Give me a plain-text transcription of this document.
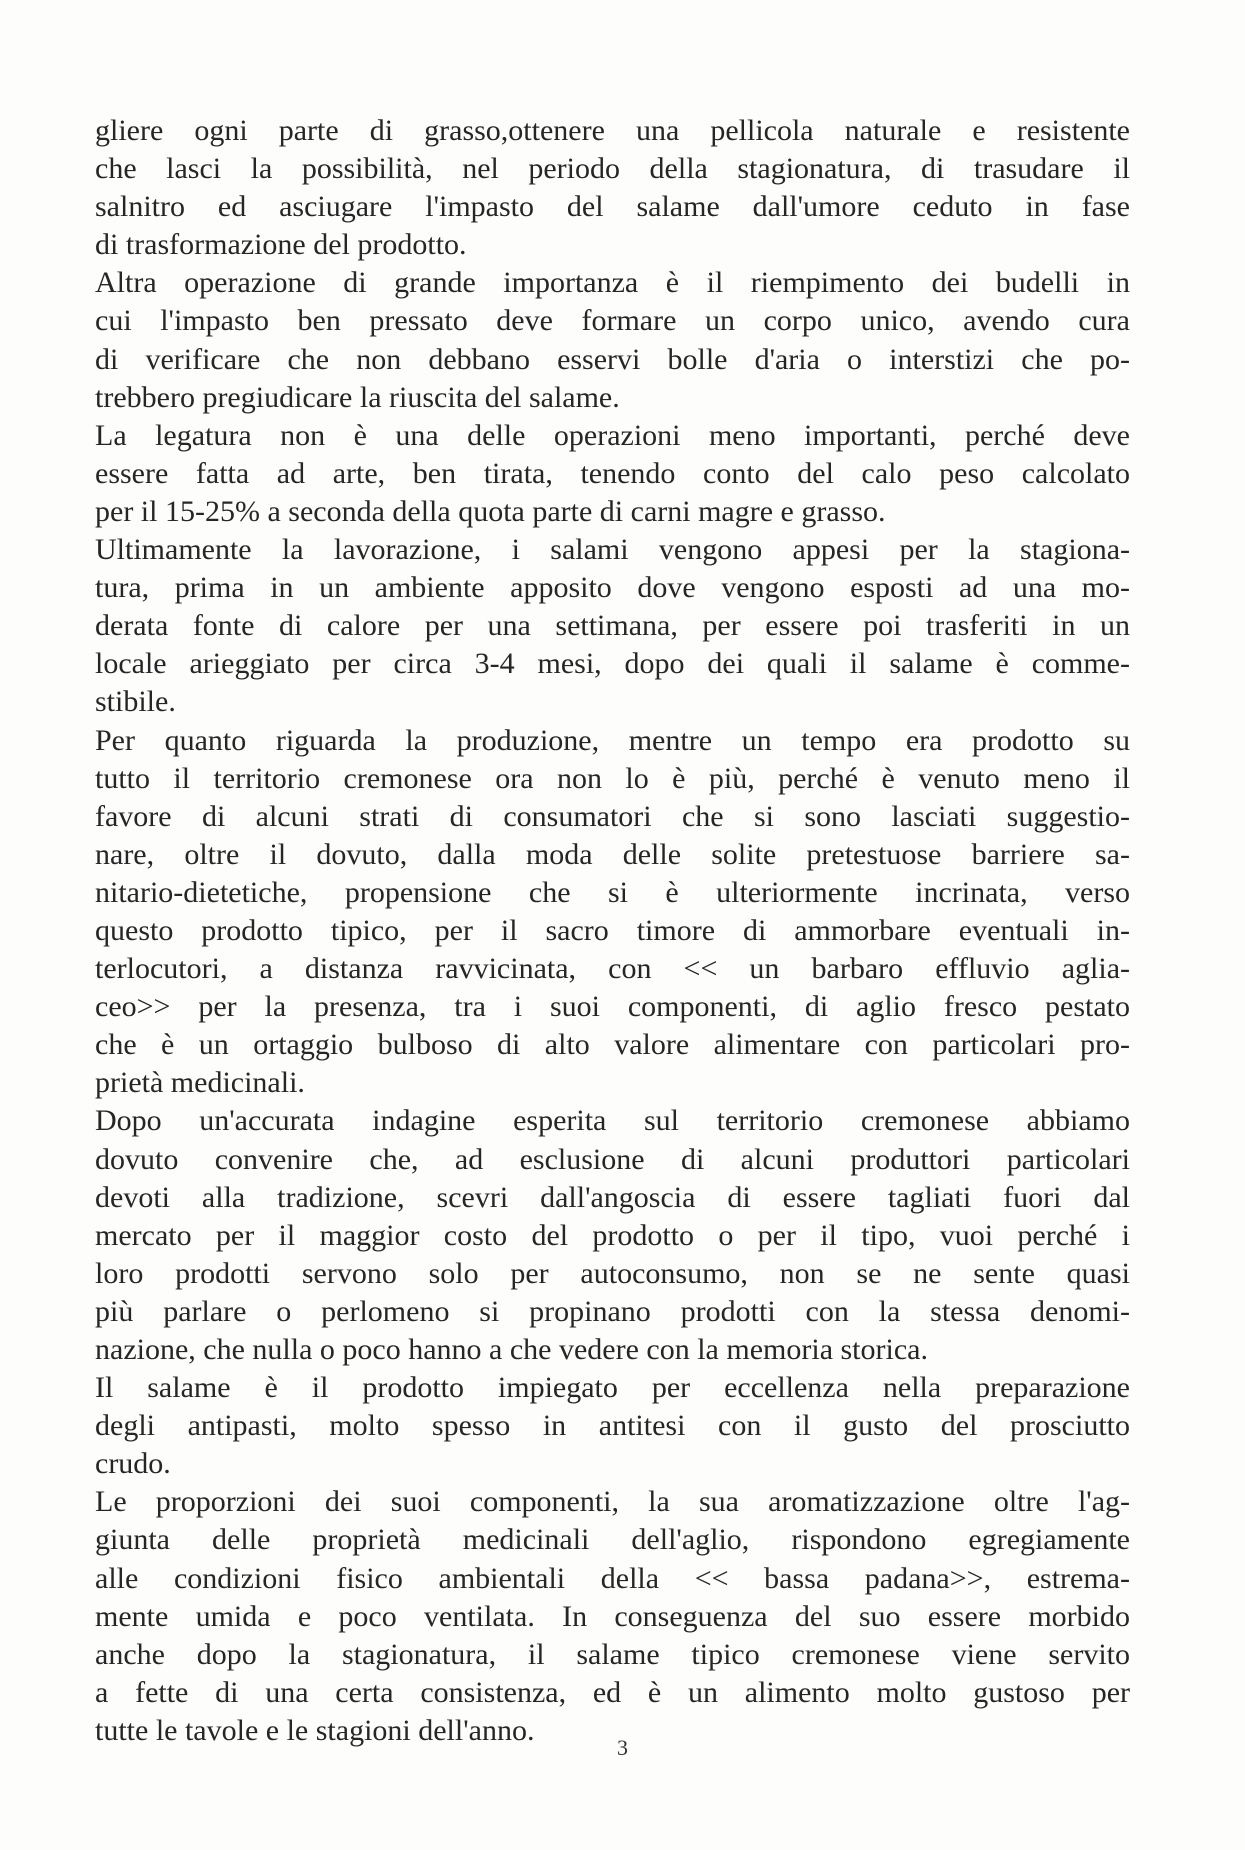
gliere ogni parte di grasso,ottenere una pellicola naturale e resistente
che lasci la possibilità, nel periodo della stagionatura, di trasudare il
salnitro ed asciugare l'impasto del salame dall'umore ceduto in fase
di trasformazione del prodotto.
Altra operazione di grande importanza è il riempimento dei budelli in
cui l'impasto ben pressato deve formare un corpo unico, avendo cura
di verificare che non debbano esservi bolle d'aria o interstizi che po-
trebbero pregiudicare la riuscita del salame.
La legatura non è una delle operazioni meno importanti, perché deve
essere fatta ad arte, ben tirata, tenendo conto del calo peso calcolato
per il 15-25% a seconda della quota parte di carni magre e grasso.
Ultimamente la lavorazione, i salami vengono appesi per la stagiona-
tura, prima in un ambiente apposito dove vengono esposti ad una mo-
derata fonte di calore per una settimana, per essere poi trasferiti in un
locale arieggiato per circa 3-4 mesi, dopo dei quali il salame è comme-
stibile.
Per quanto riguarda la produzione, mentre un tempo era prodotto su
tutto il territorio cremonese ora non lo è più, perché è venuto meno il
favore di alcuni strati di consumatori che si sono lasciati suggestio-
nare, oltre il dovuto, dalla moda delle solite pretestuose barriere sa-
nitario-dietetiche, propensione che si è ulteriormente incrinata, verso
questo prodotto tipico, per il sacro timore di ammorbare eventuali in-
terlocutori, a distanza ravvicinata, con << un barbaro effluvio aglia-
ceo>> per la presenza, tra i suoi componenti, di aglio fresco pestato
che è un ortaggio bulboso di alto valore alimentare con particolari pro-
prietà medicinali.
Dopo un'accurata indagine esperita sul territorio cremonese abbiamo
dovuto convenire che, ad esclusione di alcuni produttori particolari
devoti alla tradizione, scevri dall'angoscia di essere tagliati fuori dal
mercato per il maggior costo del prodotto o per il tipo, vuoi perché i
loro prodotti servono solo per autoconsumo, non se ne sente quasi
più parlare o perlomeno si propinano prodotti con la stessa denomi-
nazione, che nulla o poco hanno a che vedere con la memoria storica.
Il salame è il prodotto impiegato per eccellenza nella preparazione
degli antipasti, molto spesso in antitesi con il gusto del prosciutto
crudo.
Le proporzioni dei suoi componenti, la sua aromatizzazione oltre l'ag-
giunta delle proprietà medicinali dell'aglio, rispondono egregiamente
alle condizioni fisico ambientali della << bassa padana>>, estrema-
mente umida e poco ventilata. In conseguenza del suo essere morbido
anche dopo la stagionatura, il salame tipico cremonese viene servito
a fette di una certa consistenza, ed è un alimento molto gustoso per
tutte le tavole e le stagioni dell'anno.
3
